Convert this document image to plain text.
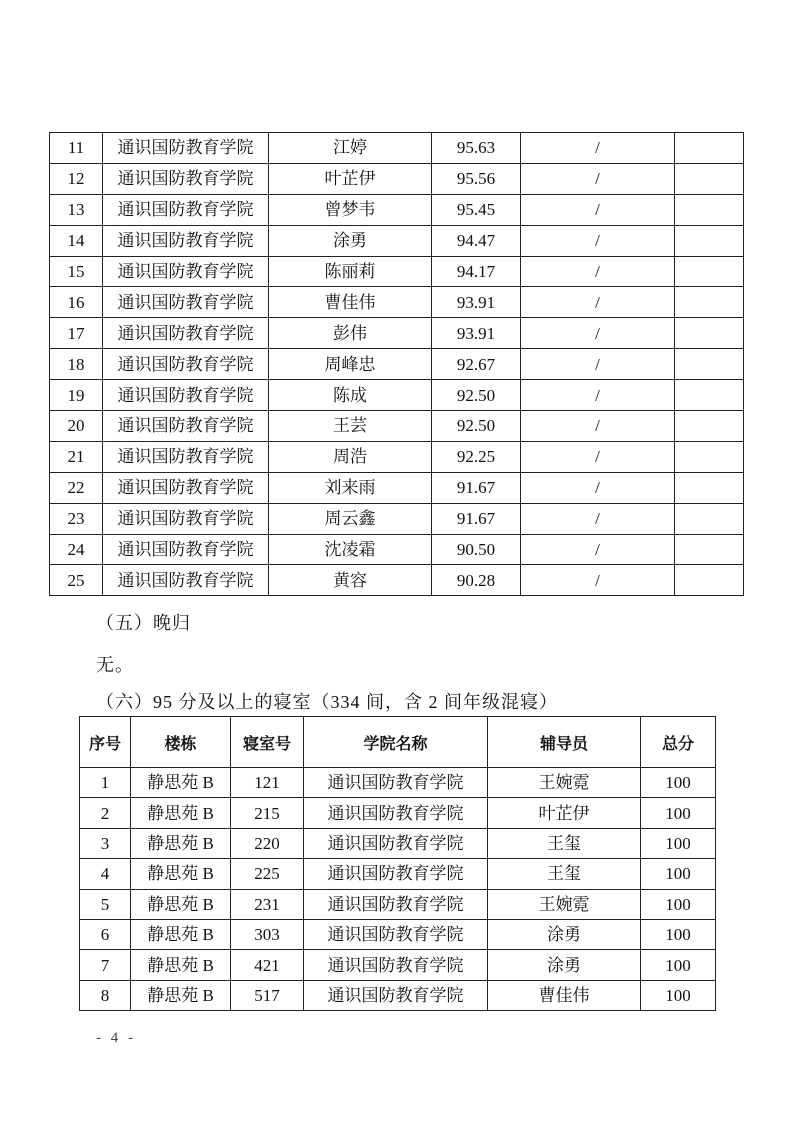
11	通识国防教育学院	江婷	95.63	/	
12	通识国防教育学院	叶芷伊	95.56	/	
13	通识国防教育学院	曾梦韦	95.45	/	
14	通识国防教育学院	涂勇	94.47	/	
15	通识国防教育学院	陈丽莉	94.17	/	
16	通识国防教育学院	曹佳伟	93.91	/	
17	通识国防教育学院	彭伟	93.91	/	
18	通识国防教育学院	周峰忠	92.67	/	
19	通识国防教育学院	陈成	92.50	/	
20	通识国防教育学院	王芸	92.50	/	
21	通识国防教育学院	周浩	92.25	/	
22	通识国防教育学院	刘来雨	91.67	/	
23	通识国防教育学院	周云鑫	91.67	/	
24	通识国防教育学院	沈凌霜	90.50	/	
25	通识国防教育学院	黄容	90.28	/	
（五）晚归
无。
（六）95 分及以上的寝室（334 间，含 2 间年级混寝）
序号	楼栋	寝室号	学院名称	辅导员	总分
1	静思苑 B	121	通识国防教育学院	王婉霓	100
2	静思苑 B	215	通识国防教育学院	叶芷伊	100
3	静思苑 B	220	通识国防教育学院	王玺	100
4	静思苑 B	225	通识国防教育学院	王玺	100
5	静思苑 B	231	通识国防教育学院	王婉霓	100
6	静思苑 B	303	通识国防教育学院	涂勇	100
7	静思苑 B	421	通识国防教育学院	涂勇	100
8	静思苑 B	517	通识国防教育学院	曹佳伟	100
- 4 -
